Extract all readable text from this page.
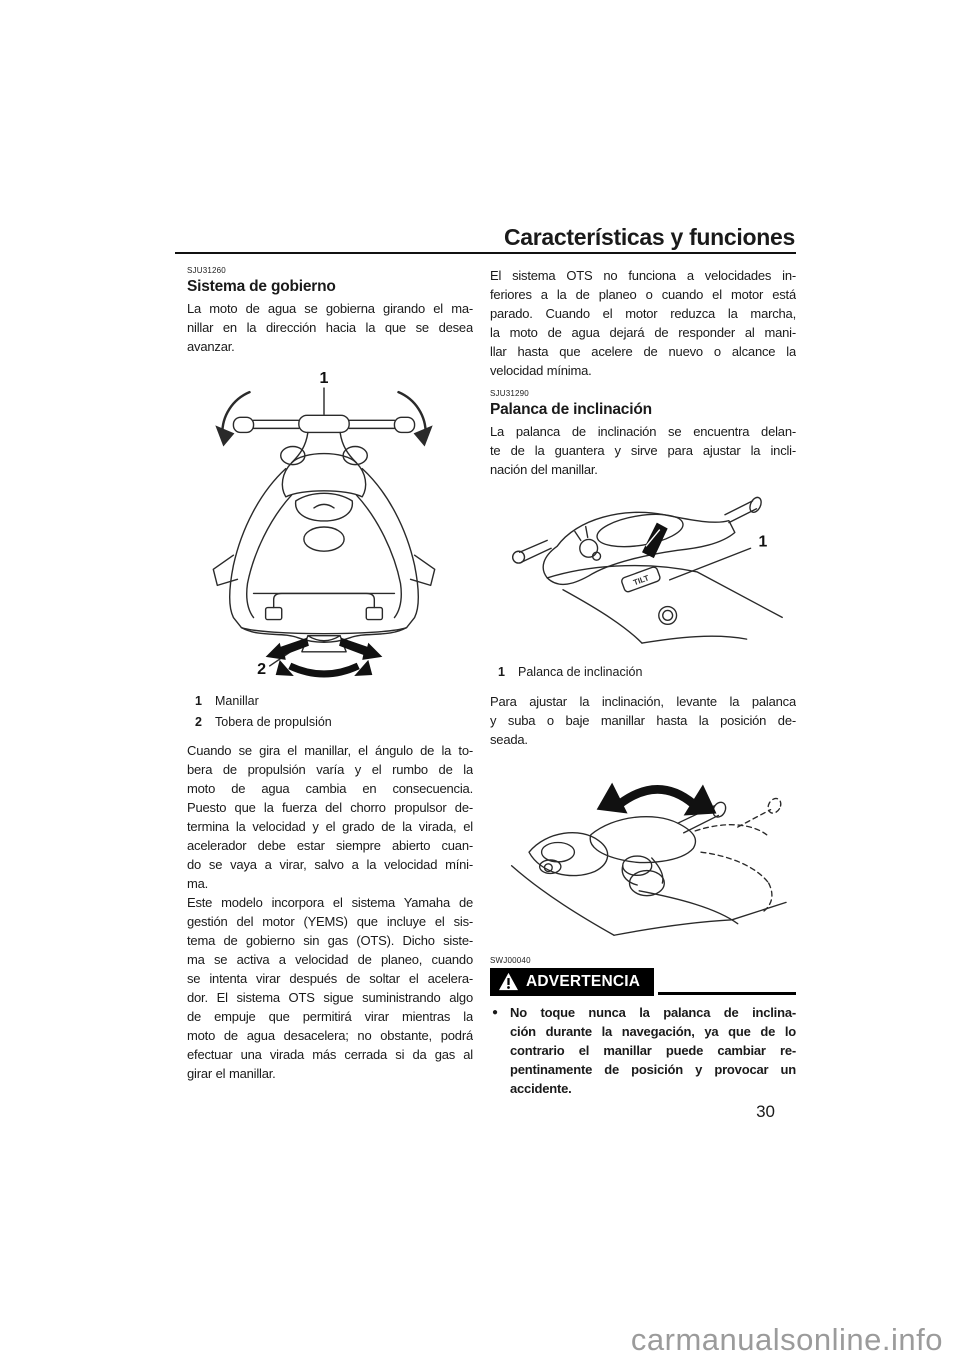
Características y funciones
SJU31260
Sistema de gobierno
La moto de agua se gobierna girando el ma-
nillar en la dirección hacia la que se desea
avanzar.
1
2
1	Manillar
2	Tobera de propulsión
Cuando se gira el manillar, el ángulo de la to-
bera de propulsión varía y el rumbo de la
moto de agua cambia en consecuencia.
Puesto que la fuerza del chorro propulsor de-
termina la velocidad y el grado de la virada, el
acelerador debe estar siempre abierto cuan-
do se vaya a virar, salvo a la velocidad míni-
ma.
Este modelo incorpora el sistema Yamaha de
gestión del motor (YEMS) que incluye el sis-
tema de gobierno sin gas (OTS). Dicho siste-
ma se activa a velocidad de planeo, cuando
se intenta virar después de soltar el acelera-
dor. El sistema OTS sigue suministrando algo
de empuje que permitirá virar mientras la
moto de agua desacelera; no obstante, podrá
efectuar una virada más cerrada si da gas al
girar el manillar.
El sistema OTS no funciona a velocidades in-
feriores a la de planeo o cuando el motor está
parado. Cuando el motor reduzca la marcha,
la moto de agua dejará de responder al mani-
llar hasta que acelere de nuevo o alcance la
velocidad mínima.
SJU31290
Palanca de inclinación
La palanca de inclinación se encuentra delan-
te de la guantera y sirve para ajustar la incli-
nación del manillar.
TILT
1
1	Palanca de inclinación
Para ajustar la inclinación, levante la palanca
y suba o baje manillar hasta la posición de-
seada.
SWJ00040
ADVERTENCIA
● No toque nunca la palanca de inclina-
ción durante la navegación, ya que de lo
contrario el manillar puede cambiar re-
pentinamente de posición y provocar un
accidente.
30
carmanualsonline.info
